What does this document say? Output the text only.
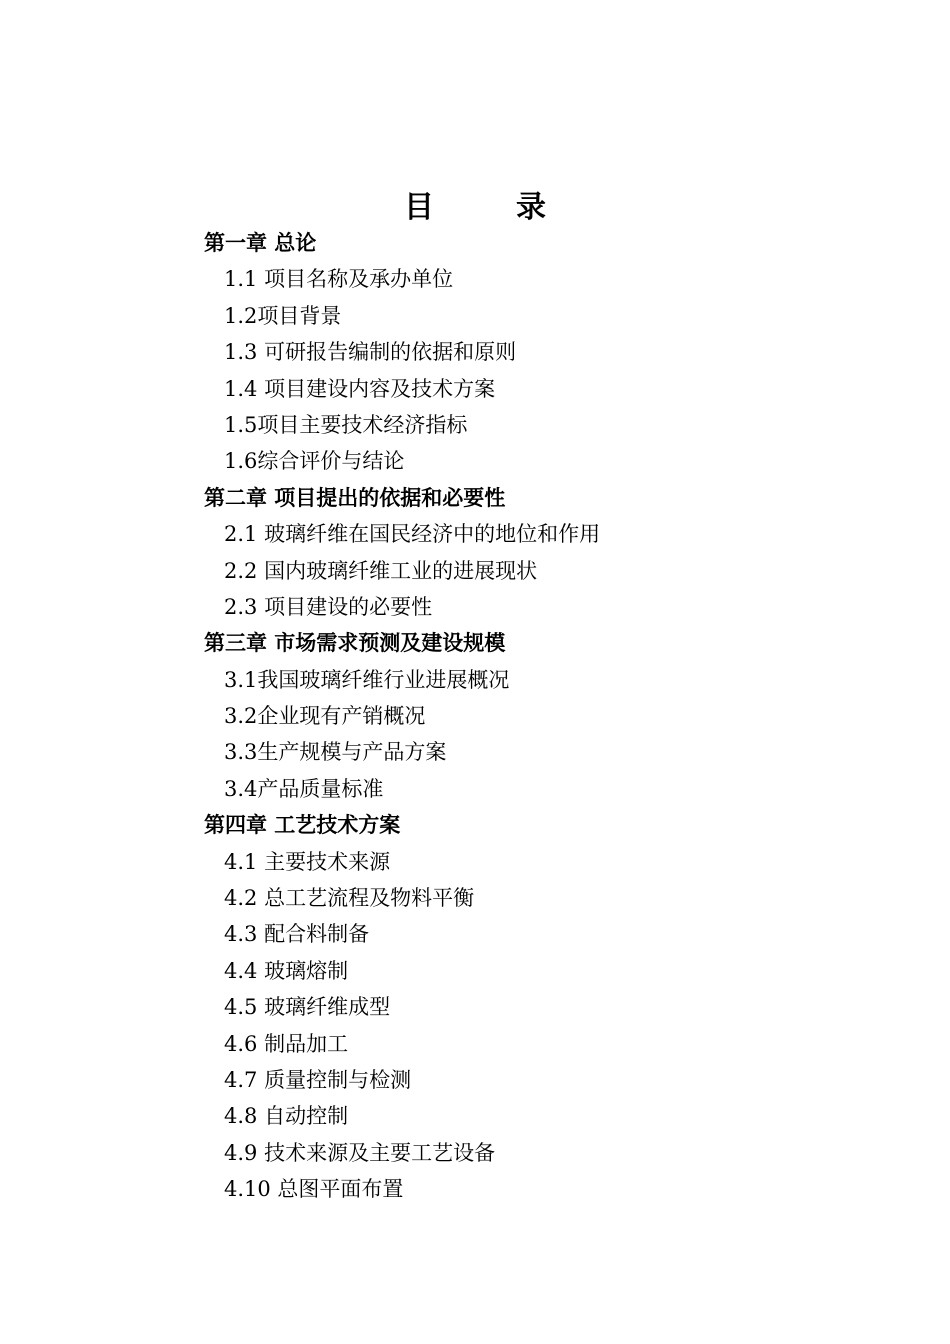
目　录
第一章 总论
1.1 项目名称及承办单位
1.2项目背景
1.3 可研报告编制的依据和原则
1.4 项目建设内容及技术方案
1.5项目主要技术经济指标
1.6综合评价与结论
第二章 项目提出的依据和必要性
2.1 玻璃纤维在国民经济中的地位和作用
2.2 国内玻璃纤维工业的进展现状
2.3 项目建设的必要性
第三章 市场需求预测及建设规模
3.1我国玻璃纤维行业进展概况
3.2企业现有产销概况
3.3生产规模与产品方案
3.4产品质量标准
第四章 工艺技术方案
4.1 主要技术来源
4.2 总工艺流程及物料平衡
4.3 配合料制备
4.4 玻璃熔制
4.5 玻璃纤维成型
4.6 制品加工
4.7 质量控制与检测
4.8 自动控制
4.9 技术来源及主要工艺设备
4.10 总图平面布置
